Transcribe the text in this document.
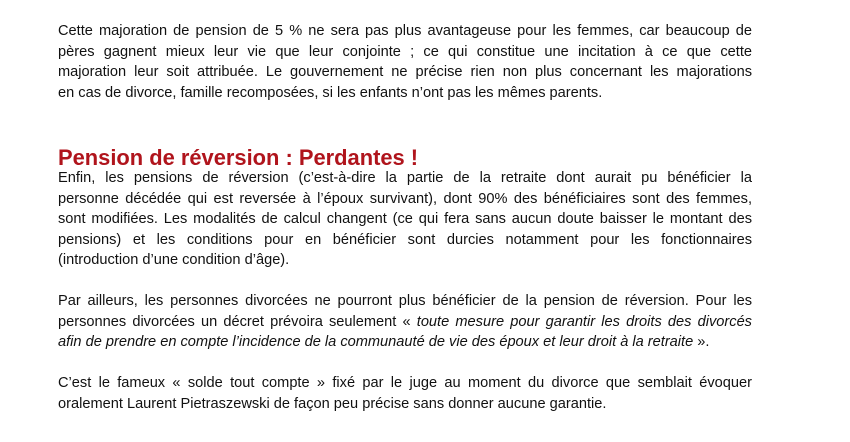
Cette majoration de pension de 5 % ne sera pas plus avantageuse pour les femmes, car beaucoup de
pères gagnent mieux leur vie que leur conjointe ; ce qui constitue une incitation à ce que cette
majoration leur soit attribuée. Le gouvernement ne précise rien non plus concernant les majorations
en cas de divorce, famille recomposées, si les enfants n’ont pas les mêmes parents.

Pension de réversion : Perdantes !

Enfin, les pensions de réversion (c’est-à-dire la partie de la retraite dont aurait pu bénéficier la
personne décédée qui est reversée à l’époux survivant), dont 90% des bénéficiaires sont des femmes,
sont modifiées. Les modalités de calcul changent (ce qui fera sans aucun doute baisser le montant des
pensions) et les conditions pour en bénéficier sont durcies notamment pour les fonctionnaires
(introduction d’une condition d’âge).

Par ailleurs, les personnes divorcées ne pourront plus bénéficier de la pension de réversion. Pour les
personnes divorcées un décret prévoira seulement « toute mesure pour garantir les droits des divorcés
afin de prendre en compte l’incidence de la communauté de vie des époux et leur droit à la retraite ».

C’est le fameux « solde tout compte » fixé par le juge au moment du divorce que semblait évoquer
oralement Laurent Pietraszewski de façon peu précise sans donner aucune garantie.
